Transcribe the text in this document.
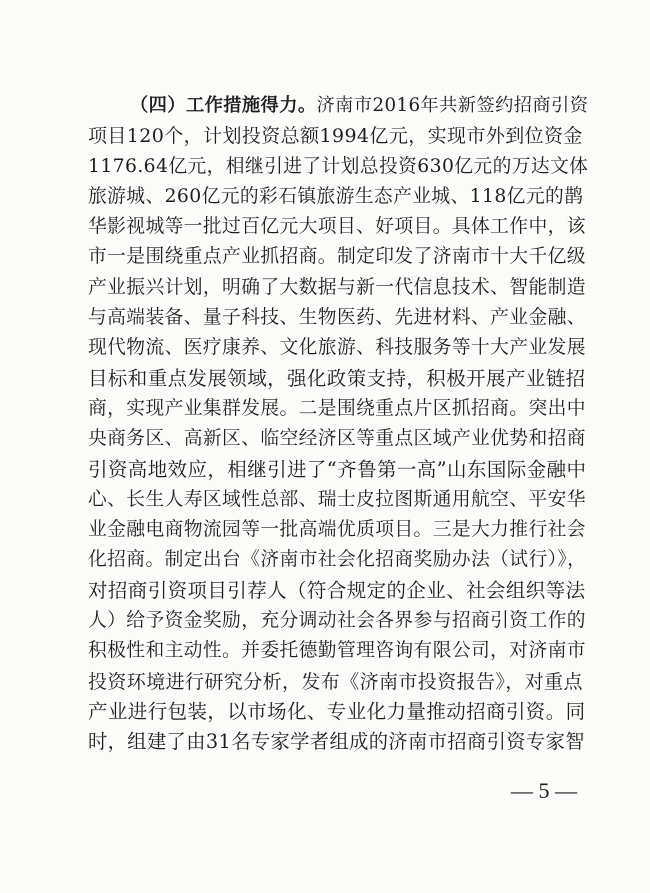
（四）工作措施得力。济南市2016年共新签约招商引资
项目120个，计划投资总额1994亿元，实现市外到位资金
1176.64亿元，相继引进了计划总投资630亿元的万达文体
旅游城、260亿元的彩石镇旅游生态产业城、118亿元的鹊
华影视城等一批过百亿元大项目、好项目。具体工作中，该
市一是围绕重点产业抓招商。制定印发了济南市十大千亿级
产业振兴计划，明确了大数据与新一代信息技术、智能制造
与高端装备、量子科技、生物医药、先进材料、产业金融、
现代物流、医疗康养、文化旅游、科技服务等十大产业发展
目标和重点发展领域，强化政策支持，积极开展产业链招
商，实现产业集群发展。二是围绕重点片区抓招商。突出中
央商务区、高新区、临空经济区等重点区域产业优势和招商
引资高地效应，相继引进了“齐鲁第一高”山东国际金融中
心、长生人寿区域性总部、瑞士皮拉图斯通用航空、平安华
业金融电商物流园等一批高端优质项目。三是大力推行社会
化招商。制定出台《济南市社会化招商奖励办法（试行）》，
对招商引资项目引荐人（符合规定的企业、社会组织等法
人）给予资金奖励，充分调动社会各界参与招商引资工作的
积极性和主动性。并委托德勤管理咨询有限公司，对济南市
投资环境进行研究分析，发布《济南市投资报告》，对重点
产业进行包装，以市场化、专业化力量推动招商引资。同
时，组建了由31名专家学者组成的济南市招商引资专家智
— 5 —
